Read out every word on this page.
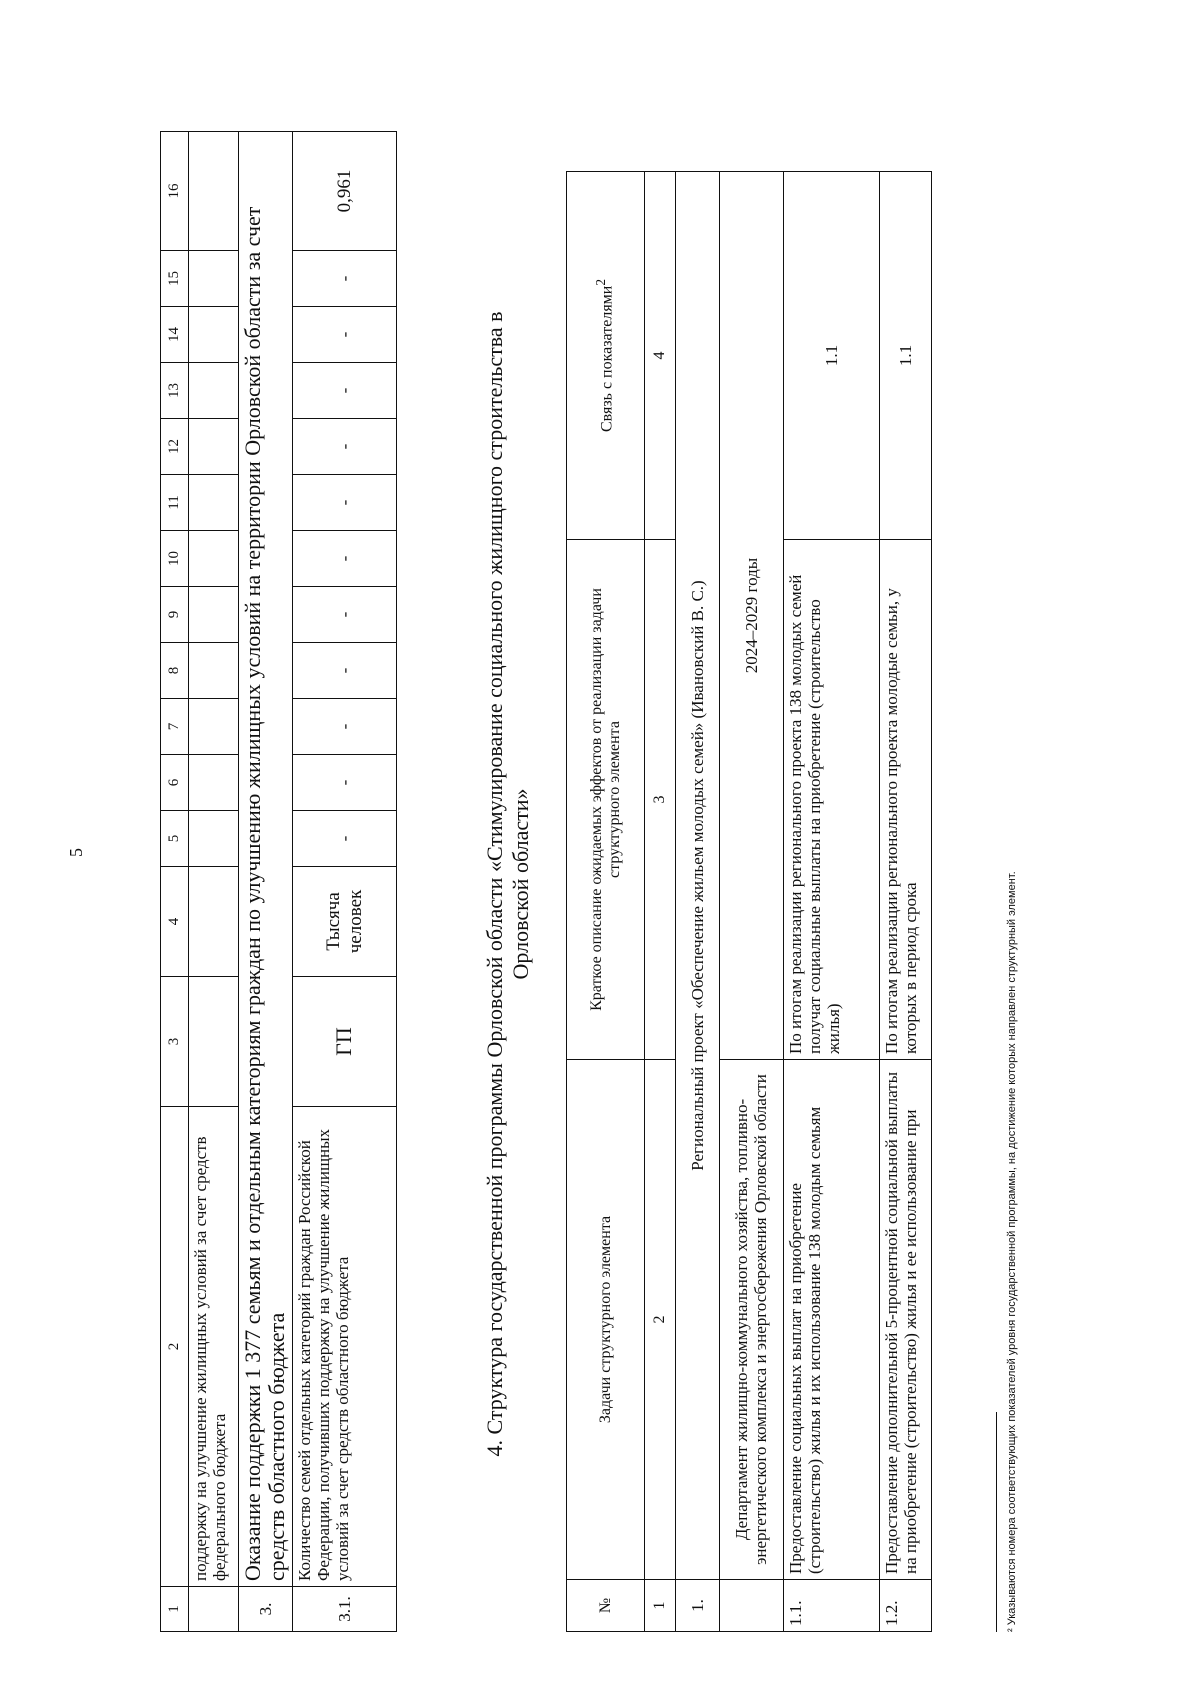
5
1	2	3	4	5	6	7	8	9	10	11	12	13	14	15	16
	поддержку на улучшение жилищных условий за счет средств федерального бюджета														
3.	Оказание поддержки 1 377 семьям и отдельным категориям граждан по улучшению жилищных условий на территории Орловской области за счет средств областного бюджета														
3.1.	Количество семей отдельных категорий граждан Российской Федерации, получивших поддержку на улучшение жилищных условий за счет средств областного бюджета	ГП	Тысяча человек	-	-	-	-	-	-	-	-	-	-	-	0,961
4. Структура государственной программы Орловской области «Стимулирование социального жилищного строительства в Орловской области»
№	Задачи структурного элемента	Краткое описание ожидаемых эффектов от реализации задачи структурного элемента	Связь с показателями$^2$
1	2	3	4
1.	Региональный проект «Обеспечение жильем молодых семей» (Ивановский В. С.)		
	Департамент жилищно-коммунального хозяйства, топливно-энергетического комплекса и энергосбережения Орловской области	2024–2029 годы	
1.1.	Предоставление социальных выплат на приобретение (строительство) жилья и их использование 138 молодым семьям	По итогам реализации регионального проекта 138 молодых семей получат социальные выплаты на приобретение (строительство жилья)	1.1
1.2.	Предоставление дополнительной 5-процентной социальной выплаты на приобретение (строительство) жилья и ее использование при	По итогам реализации регионального проекта молодые семьи, у которых в период срока	1.1
² Указываются номера соответствующих показателей уровня государственной программы, на достижение которых направлен структурный элемент.
